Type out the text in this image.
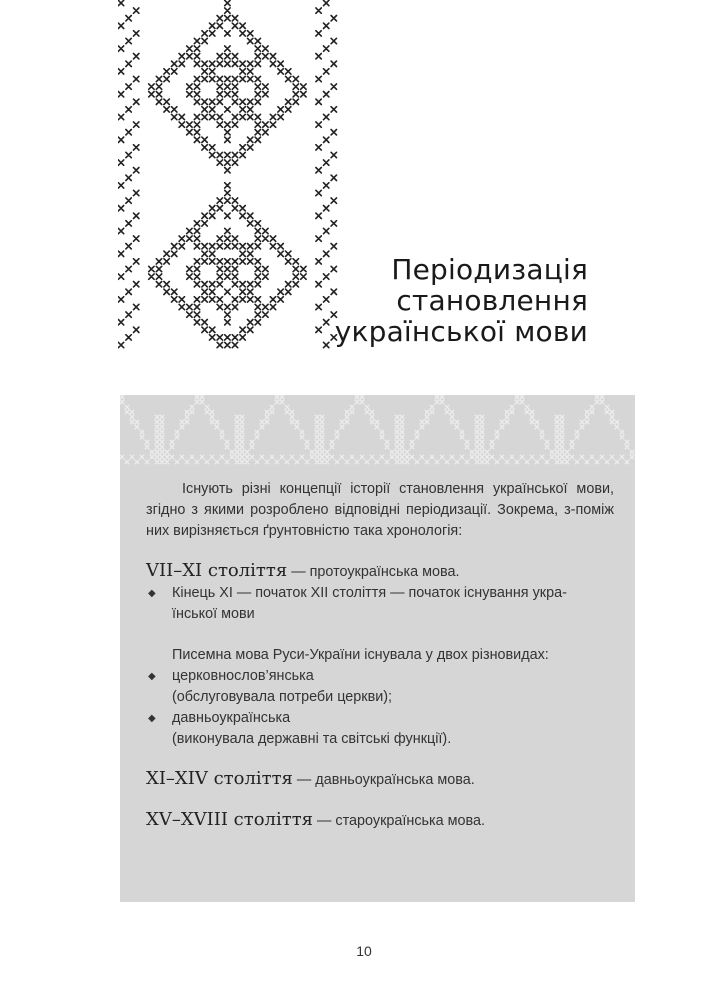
Періодизація
становлення
української мови

Існують різні концепції історії становлення української мови, згідно з якими розроблено відповідні періодизації. Зокрема, з-поміж них вирізняється ґрунтовністю така хронологія:

VII–XI століття — протоукраїнська мова.

◆ Кінець XI — початок XII століття — початок існування укра-
їнської мови

Писемна мова Руси-України існувала у двох різновидах:

◆ церковнослов’янська
(обслуговувала потреби церкви);
◆ давньоукраїнська
(виконувала державні та світські функції).

XI–XIV століття — давньоукраїнська мова.

XV–XVIII століття — староукраїнська мова.

10
